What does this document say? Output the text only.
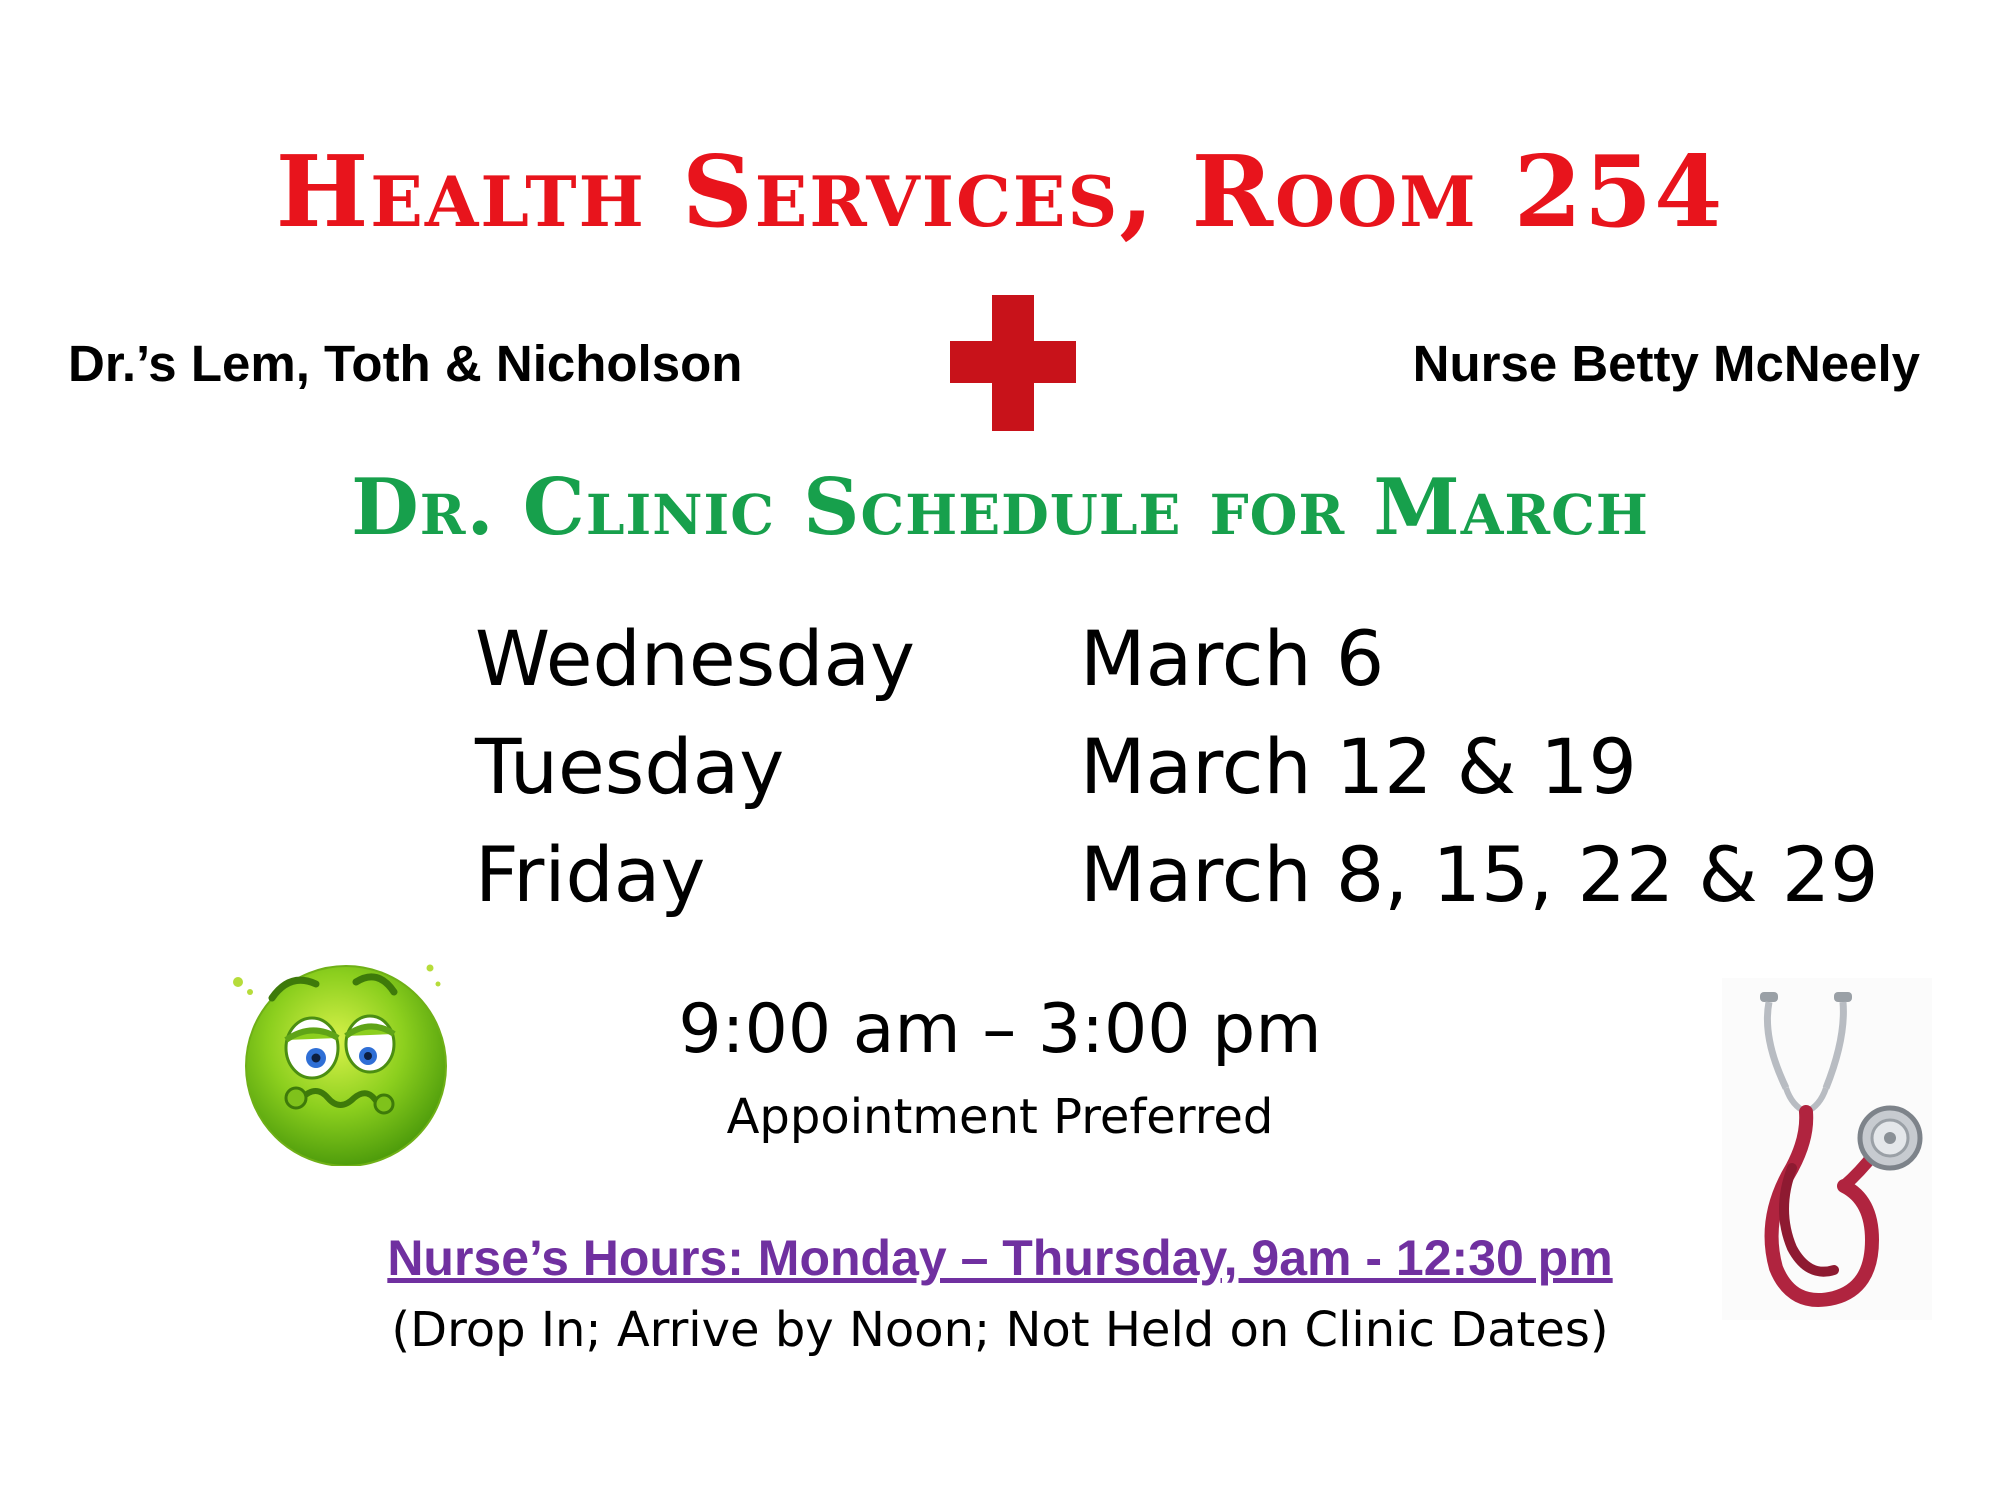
Health Services, Room 254
Dr.’s Lem, Toth & Nicholson	Nurse Betty McNeely
Dr. Clinic Schedule for March
Wednesday	March 6
Tuesday	March 12 & 19
Friday	March 8, 15, 22 & 29
9:00 am – 3:00 pm
Appointment Preferred
Nurse’s Hours: Monday – Thursday, 9am - 12:30 pm
(Drop In; Arrive by Noon; Not Held on Clinic Dates)
